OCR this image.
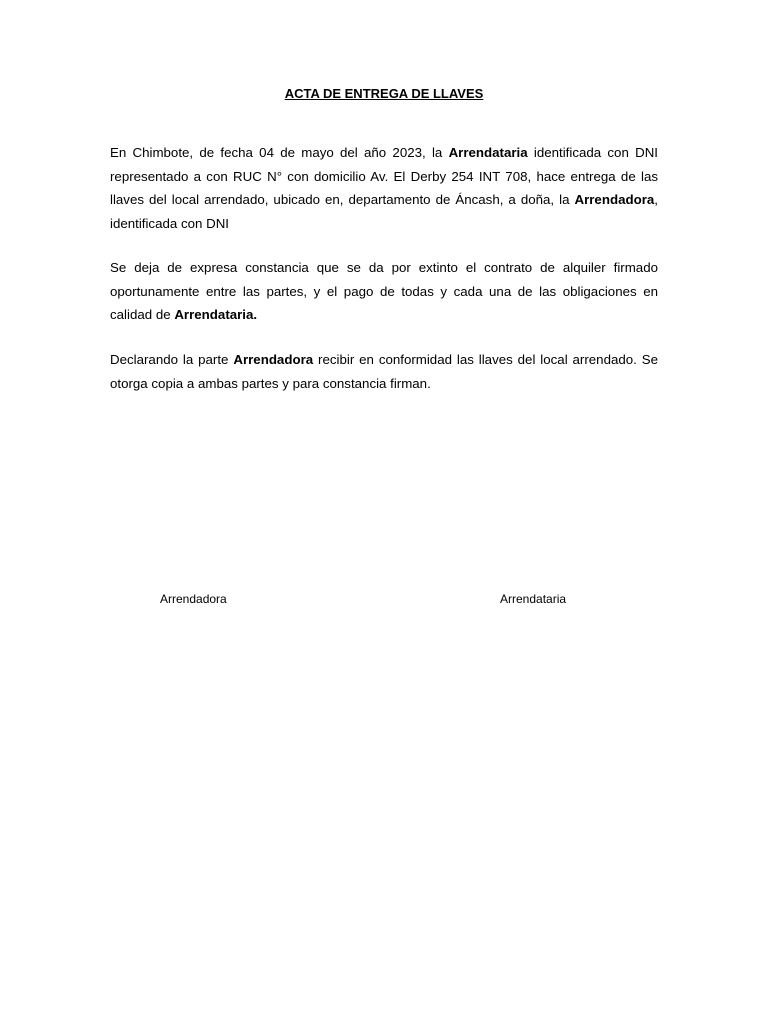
ACTA DE ENTREGA DE LLAVES

En Chimbote, de fecha 04 de mayo del año 2023, la Arrendataria identificada con DNI representado a con RUC N° con domicilio Av. El Derby 254 INT 708, hace entrega de las llaves del local arrendado, ubicado en, departamento de Áncash, a doña, la Arrendadora, identificada con DNI

Se deja de expresa constancia que se da por extinto el contrato de alquiler firmado oportunamente entre las partes, y el pago de todas y cada una de las obligaciones en calidad de Arrendataria.

Declarando la parte Arrendadora recibir en conformidad las llaves del local arrendado. Se otorga copia a ambas partes y para constancia firman.

Arrendadora	Arrendataria
